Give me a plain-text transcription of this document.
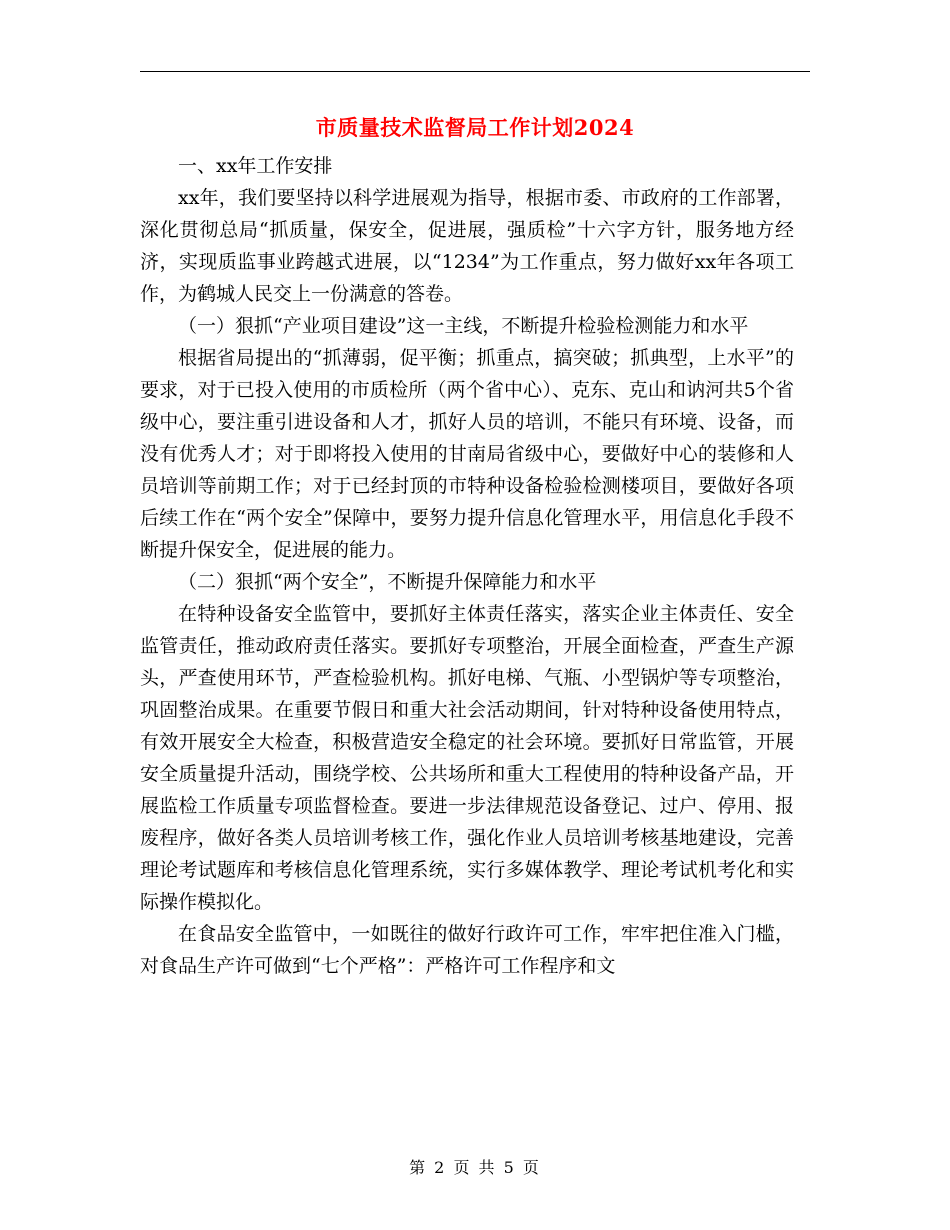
市质量技术监督局工作计划2024

一、xx年工作安排

xx年，我们要坚持以科学进展观为指导，根据市委、市政府的工作部署，深化贯彻总局“抓质量，保安全，促进展，强质检”十六字方针，服务地方经济，实现质监事业跨越式进展，以“1234”为工作重点，努力做好xx年各项工作，为鹤城人民交上一份满意的答卷。

（一）狠抓“产业项目建设”这一主线，不断提升检验检测能力和水平

根据省局提出的“抓薄弱，促平衡；抓重点，搞突破；抓典型，上水平”的要求，对于已投入使用的市质检所（两个省中心）、克东、克山和讷河共5个省级中心，要注重引进设备和人才，抓好人员的培训，不能只有环境、设备，而没有优秀人才；对于即将投入使用的甘南局省级中心，要做好中心的装修和人员培训等前期工作；对于已经封顶的市特种设备检验检测楼项目，要做好各项后续工作在“两个安全”保障中，要努力提升信息化管理水平，用信息化手段不断提升保安全，促进展的能力。

（二）狠抓“两个安全”，不断提升保障能力和水平

在特种设备安全监管中，要抓好主体责任落实，落实企业主体责任、安全监管责任，推动政府责任落实。要抓好专项整治，开展全面检查，严查生产源头，严查使用环节，严查检验机构。抓好电梯、气瓶、小型锅炉等专项整治，巩固整治成果。在重要节假日和重大社会活动期间，针对特种设备使用特点，有效开展安全大检查，积极营造安全稳定的社会环境。要抓好日常监管，开展安全质量提升活动，围绕学校、公共场所和重大工程使用的特种设备产品，开展监检工作质量专项监督检查。要进一步法律规范设备登记、过户、停用、报废程序，做好各类人员培训考核工作，强化作业人员培训考核基地建设，完善理论考试题库和考核信息化管理系统，实行多媒体教学、理论考试机考化和实际操作模拟化。

在食品安全监管中，一如既往的做好行政许可工作，牢牢把住准入门槛，对食品生产许可做到“七个严格”：严格许可工作程序和文

第 2 页 共 5 页
